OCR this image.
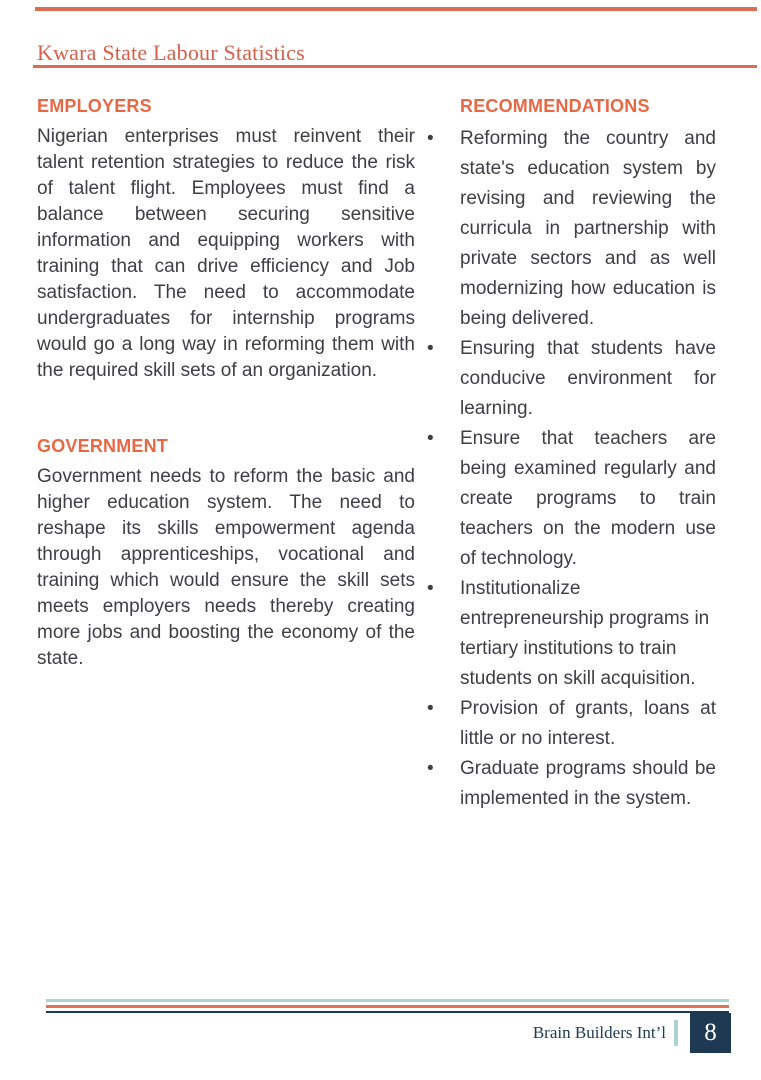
Kwara State Labour Statistics
EMPLOYERS

Nigerian enterprises must reinvent their talent retention strategies to reduce the risk of talent flight. Employees must find a balance between securing sensitive information and equipping workers with training that can drive efficiency and Job satisfaction. The need to accommodate undergraduates for internship programs would go a long way in reforming them with the required skill sets of an organization.

GOVERNMENT

Government needs to reform the basic and higher education system. The need to reshape its skills empowerment agenda through apprenticeships, vocational and training which would ensure the skill sets meets employers needs thereby creating more jobs and boosting the economy of the state.

RECOMMENDATIONS
•	Reforming the country and state's education system by revising and reviewing the curricula in partnership with private sectors and as well modernizing how education is being delivered.
•	Ensuring that students have conducive environment for learning.
•	Ensure that teachers are being examined regularly and create programs to train teachers on the modern use of technology.
•	Institutionalize entrepreneurship programs in tertiary institutions to train students on skill acquisition.
•	Provision of grants, loans at little or no interest.
•	Graduate programs should be implemented in the system.
Brain Builders Int’l	8
